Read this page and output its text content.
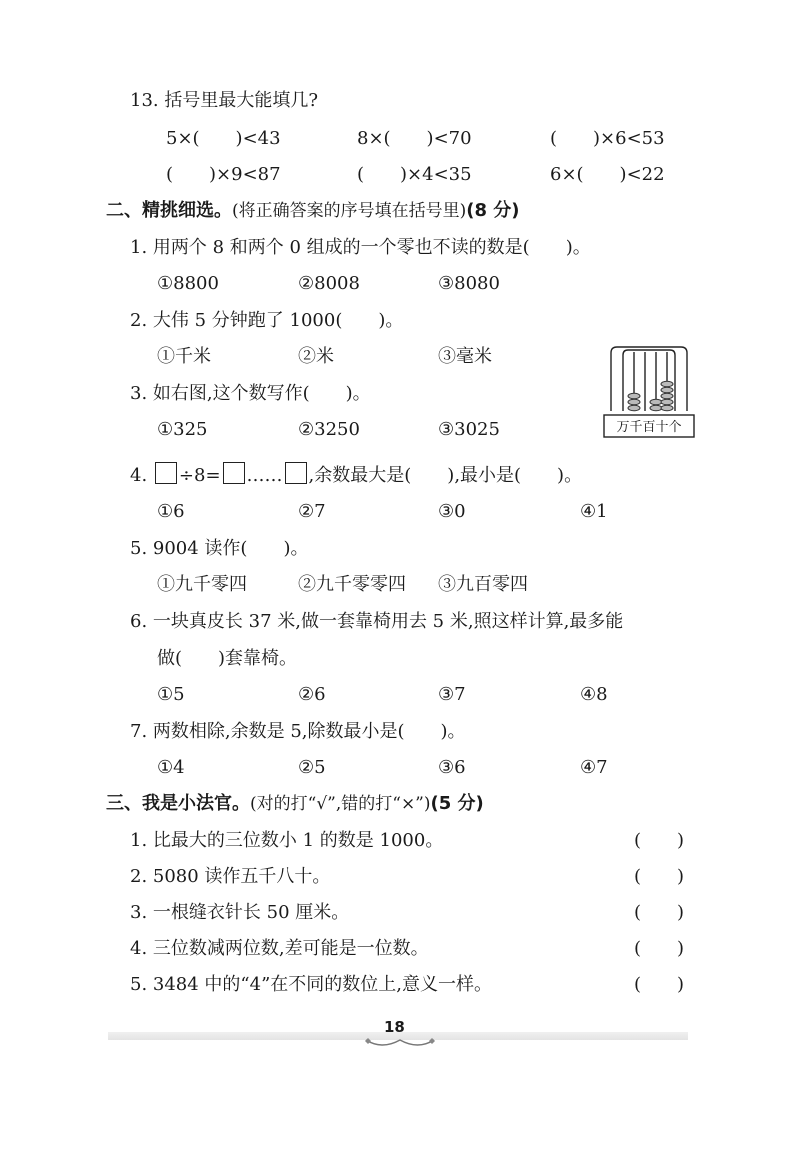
13. 括号里最大能填几?
5×(　　)<43	8×(　　)<70	(　　)×6<53
(　　)×9<87	(　　)×4<35	6×(　　)<22
二、精挑细选。(将正确答案的序号填在括号里)(8 分)
1. 用两个 8 和两个 0 组成的一个零也不读的数是(　　)。
①8800	②8008	③8080
2. 大伟 5 分钟跑了 1000(　　)。
①千米	②米	③毫米
3. 如右图,这个数写作(　　)。
①325	②3250	③3025	万千百十个
4. ÷8= …… ,余数最大是(　　),最小是(　　)。
①6	②7	③0	④1
5. 9004 读作(　　)。
①九千零四	②九千零零四 ③九百零四
6. 一块真皮长 37 米,做一套靠椅用去 5 米,照这样计算,最多能
做(　　)套靠椅。
①5	②6	③7	④8
7. 两数相除,余数是 5,除数最小是(　　)。
①4	②5	③6	④7
三、我是小法官。(对的打“√”,错的打“×”)(5 分)
1. 比最大的三位数小 1 的数是 1000。	(　　)
2. 5080 读作五千八十。	(　　)
3. 一根缝衣针长 50 厘米。	(　　)
4. 三位数减两位数,差可能是一位数。	(　　)
5. 3484 中的“4”在不同的数位上,意义一样。	(　　)
18
